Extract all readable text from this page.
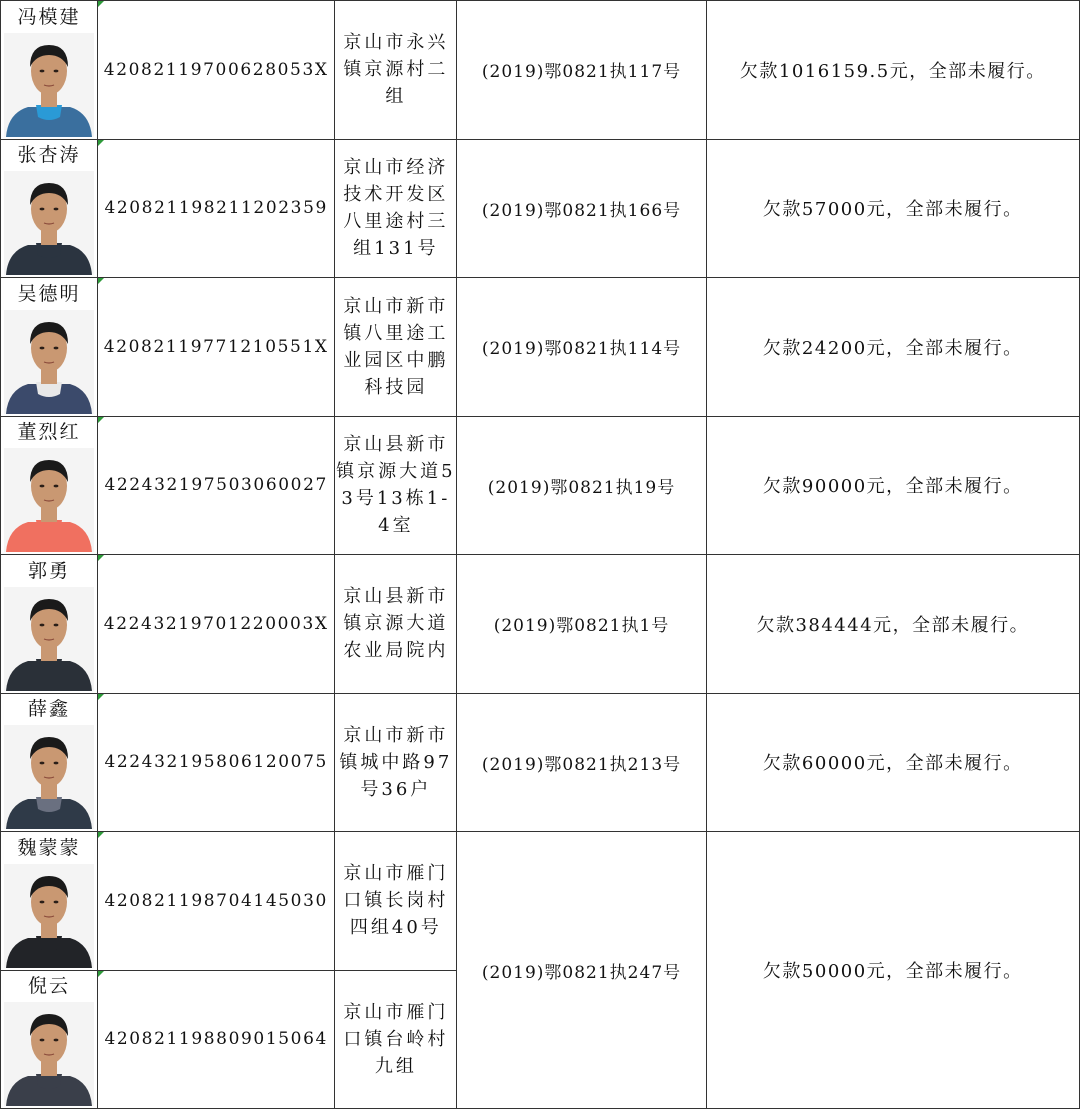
冯模建	42082119700628053X	京山市永兴镇京源村二组	(2019)鄂0821执117号	欠款1016159.5元，全部未履行。

张杏涛	420821198211202359	京山市经济技术开发区八里途村三组131号	(2019)鄂0821执166号	欠款57000元，全部未履行。

吴德明	42082119771210551X	京山市新市镇八里途工业园区中鹏科技园	(2019)鄂0821执114号	欠款24200元，全部未履行。

董烈红	422432197503060027	京山县新市镇京源大道53号13栋1-4室	(2019)鄂0821执19号	欠款90000元，全部未履行。

郭勇	42243219701220003X	京山县新市镇京源大道农业局院内	(2019)鄂0821执1号	欠款384444元，全部未履行。

薛鑫	422432195806120075	京山市新市镇城中路97号36户	(2019)鄂0821执213号	欠款60000元，全部未履行。

魏蒙蒙	420821198704145030	京山市雁门口镇长岗村四组40号	(2019)鄂0821执247号	欠款50000元，全部未履行。

倪云	420821198809015064	京山市雁门口镇台岭村九组		
